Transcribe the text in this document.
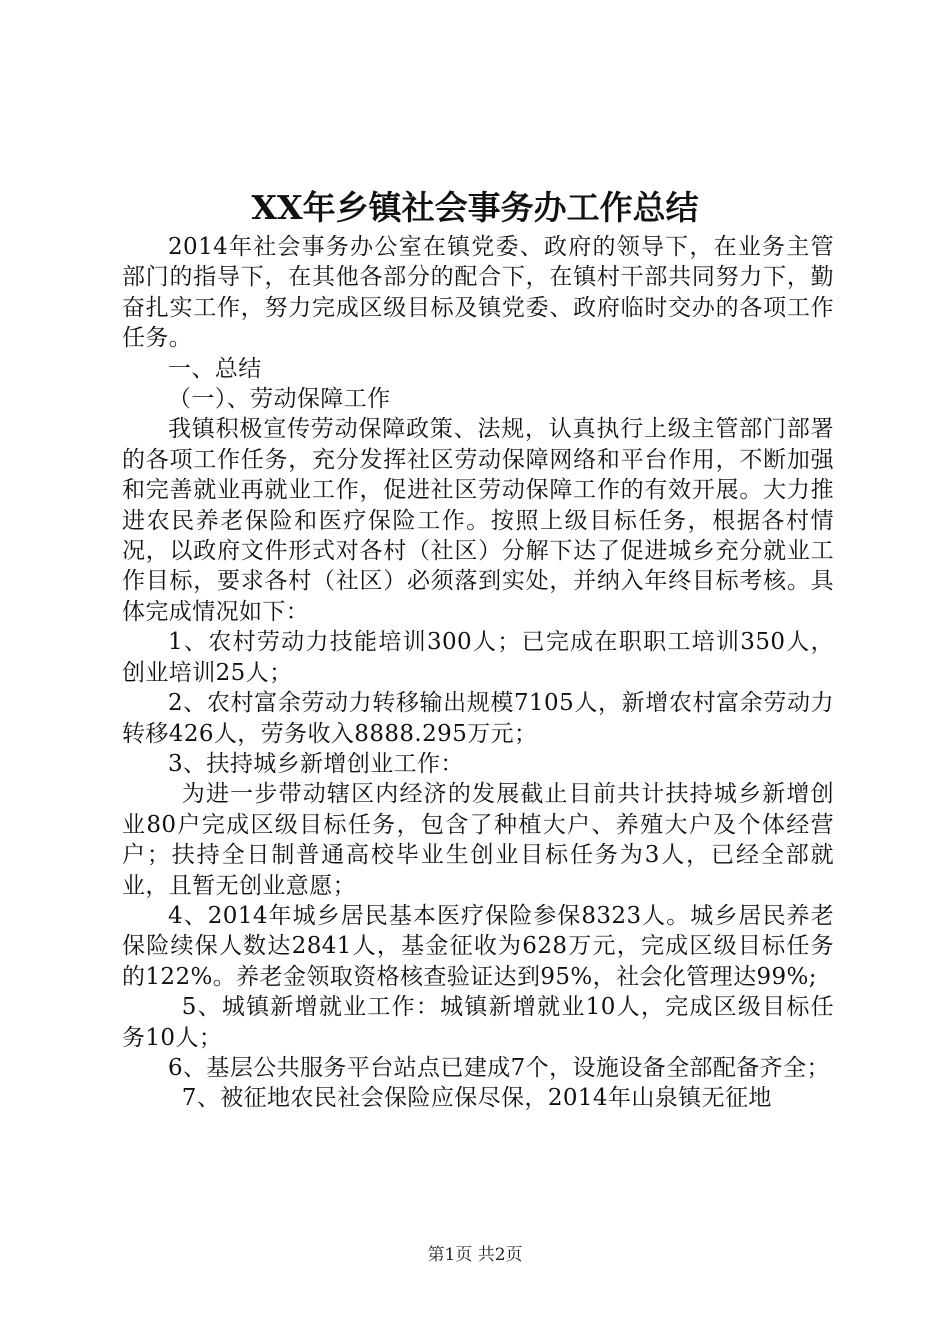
XX年乡镇社会事务办工作总结

2014年社会事务办公室在镇党委、政府的领导下，在业务主管部门的指导下，在其他各部分的配合下，在镇村干部共同努力下，勤奋扎实工作，努力完成区级目标及镇党委、政府临时交办的各项工作任务。

一、总结

（一）、劳动保障工作

我镇积极宣传劳动保障政策、法规，认真执行上级主管部门部署的各项工作任务，充分发挥社区劳动保障网络和平台作用，不断加强和完善就业再就业工作，促进社区劳动保障工作的有效开展。大力推进农民养老保险和医疗保险工作。按照上级目标任务，根据各村情况，以政府文件形式对各村（社区）分解下达了促进城乡充分就业工作目标，要求各村（社区）必须落到实处，并纳入年终目标考核。具体完成情况如下：

1、农村劳动力技能培训300人；已完成在职职工培训350人，创业培训25人；

2、农村富余劳动力转移输出规模7105人，新增农村富余劳动力转移426人，劳务收入8888.295万元；

3、扶持城乡新增创业工作：

为进一步带动辖区内经济的发展截止目前共计扶持城乡新增创业80户完成区级目标任务，包含了种植大户、养殖大户及个体经营户；扶持全日制普通高校毕业生创业目标任务为3人，已经全部就业，且暂无创业意愿；

4、2014年城乡居民基本医疗保险参保8323人。城乡居民养老保险续保人数达2841人，基金征收为628万元，完成区级目标任务的122%。养老金领取资格核查验证达到95%，社会化管理达99%;

5、城镇新增就业工作：城镇新增就业10人，完成区级目标任务10人；

6、基层公共服务平台站点已建成7个，设施设备全部配备齐全；

7、被征地农民社会保险应保尽保，2014年山泉镇无征地

第1页 共2页
